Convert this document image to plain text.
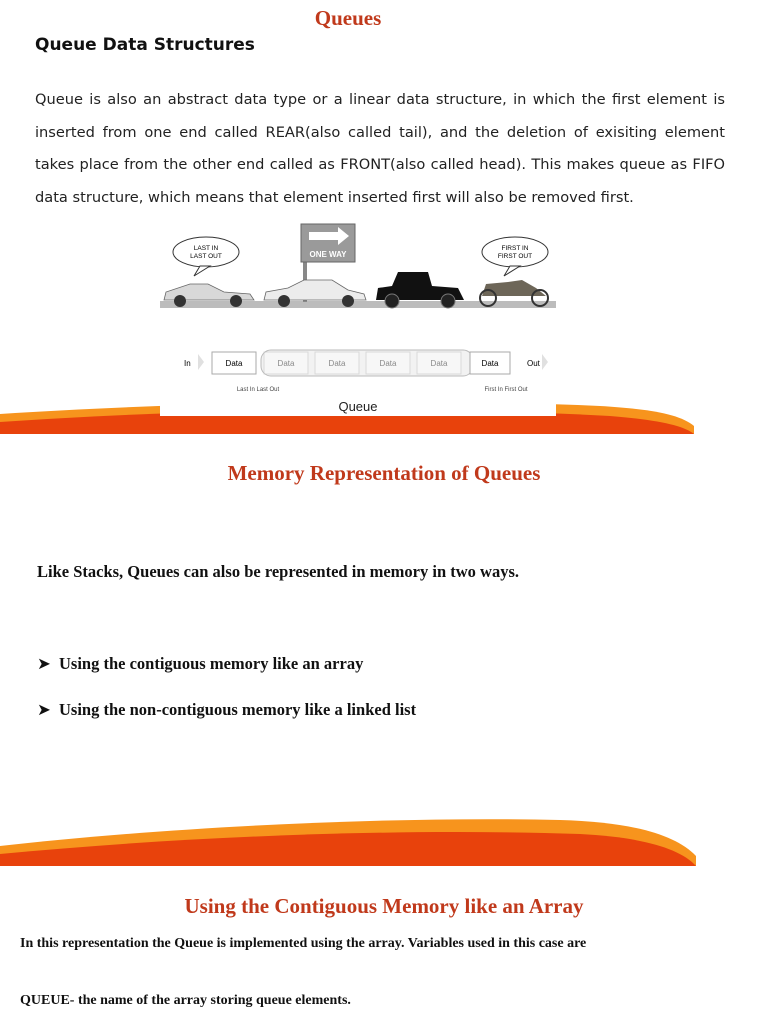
Queues
Queue Data Structures
Queue is also an abstract data type or a linear data structure, in which the first element is inserted from one end called REAR(also called tail), and the deletion of exisiting element takes place from the other end called as FRONT(also called head). This makes queue as FIFO data structure, which means that element inserted first will also be removed first.
LAST IN
LAST OUT	ONE WAY
FIRST IN
FIRST OUT
In	Data	Data	Data	Data	Data	Data	Out
Last In Last Out	First In First Out
Queue
Memory Representation of Queues
Like Stacks, Queues can also be represented in memory in two ways.
➤ Using the contiguous memory like an array
➤ Using the non-contiguous memory like a linked list
Using the Contiguous Memory like an Array
In this representation the Queue is implemented using the array. Variables used in this case are
QUEUE- the name of the array storing queue elements.
